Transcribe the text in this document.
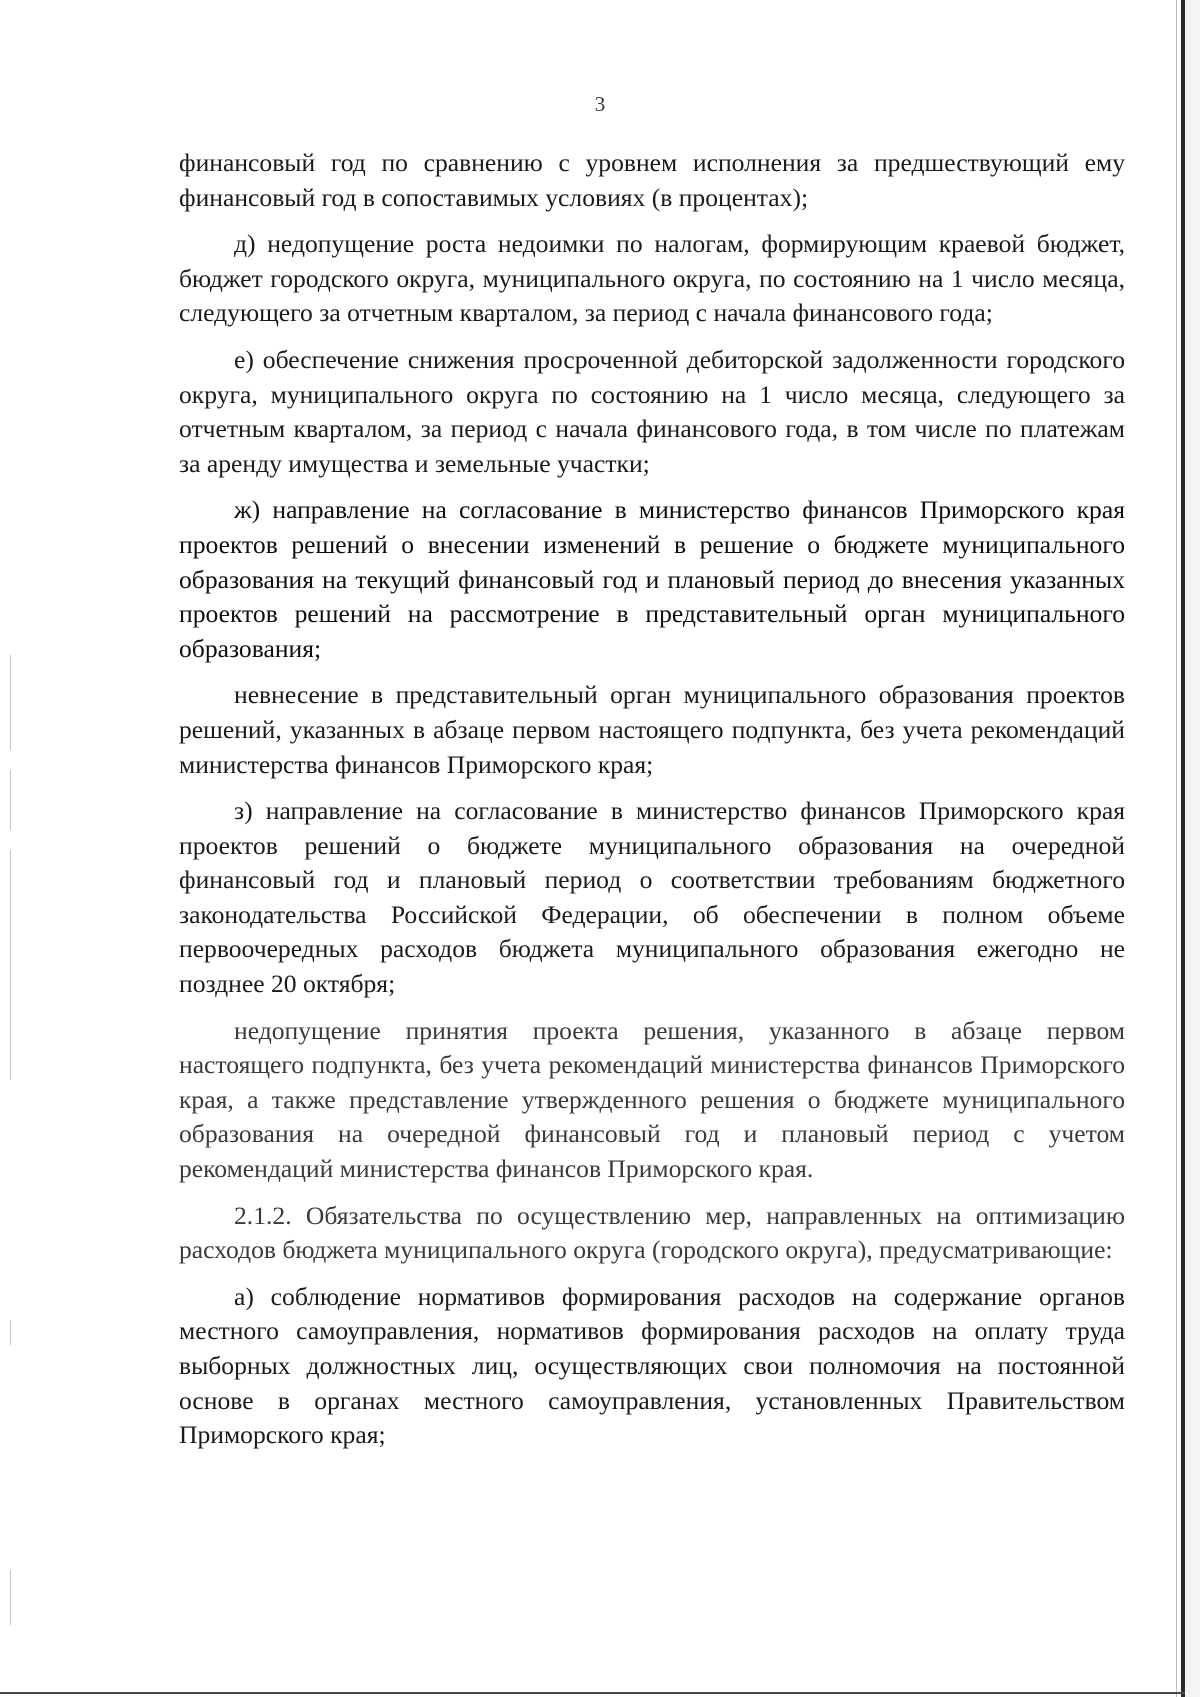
3

финансовый год по сравнению с уровнем исполнения за предшествующий ему финансовый год в сопоставимых условиях (в процентах);

д) недопущение роста недоимки по налогам, формирующим краевой бюджет, бюджет городского округа, муниципального округа, по состоянию на 1 число месяца, следующего за отчетным кварталом, за период с начала финансового года;

е) обеспечение снижения просроченной дебиторской задолженности городского округа, муниципального округа по состоянию на 1 число месяца, следующего за отчетным кварталом, за период с начала финансового года, в том числе по платежам за аренду имущества и земельные участки;

ж) направление на согласование в министерство финансов Приморского края проектов решений о внесении изменений в решение о бюджете муниципального образования на текущий финансовый год и плановый период до внесения указанных проектов решений на рассмотрение в представительный орган муниципального образования;

невнесение в представительный орган муниципального образования проектов решений, указанных в абзаце первом настоящего подпункта, без учета рекомендаций министерства финансов Приморского края;

з) направление на согласование в министерство финансов Приморского края проектов решений о бюджете муниципального образования на очередной финансовый год и плановый период о соответствии требованиям бюджетного законодательства Российской Федерации, об обеспечении в полном объеме первоочередных расходов бюджета муниципального образования ежегодно не позднее 20 октября;

недопущение принятия проекта решения, указанного в абзаце первом настоящего подпункта, без учета рекомендаций министерства финансов Приморского края, а также представление утвержденного решения о бюджете муниципального образования на очередной финансовый год и плановый период с учетом рекомендаций министерства финансов Приморского края.

2.1.2. Обязательства по осуществлению мер, направленных на оптимизацию расходов бюджета муниципального округа (городского округа), предусматривающие:

а) соблюдение нормативов формирования расходов на содержание органов местного самоуправления, нормативов формирования расходов на оплату труда выборных должностных лиц, осуществляющих свои полномочия на постоянной основе в органах местного самоуправления, установленных Правительством Приморского края;
